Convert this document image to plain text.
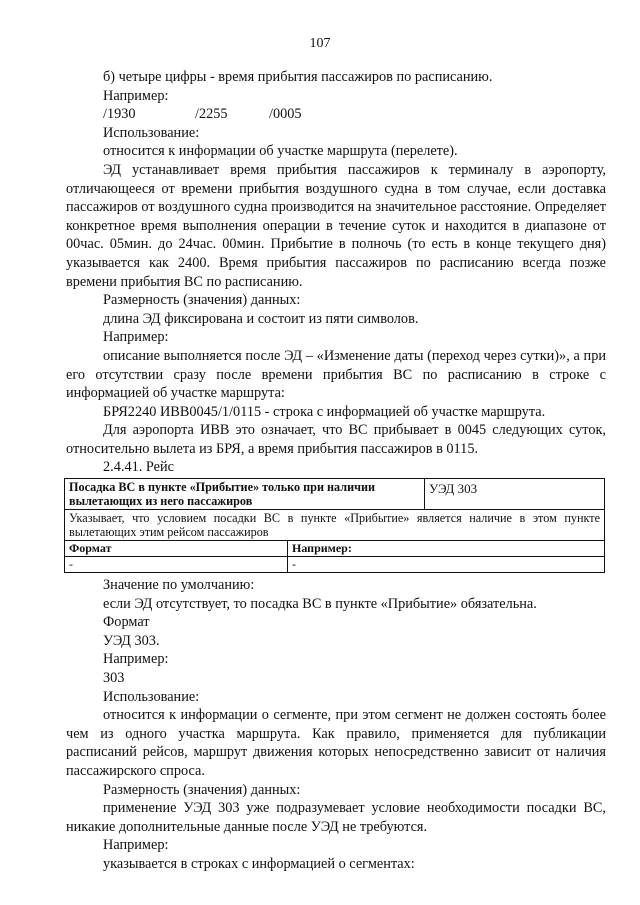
107

б) четыре цифры - время прибытия пассажиров по расписанию.

Например:

/1930	/2255	/0005

Использование:

относится к информации об участке маршрута (перелете).

ЭД устанавливает время прибытия пассажиров к терминалу в аэропорту, отличающееся от времени прибытия воздушного судна в том случае, если доставка пассажиров от воздушного судна производится на значительное расстояние. Определяет конкретное время выполнения операции в течение суток и находится в диапазоне от 00час. 05мин. до 24час. 00мин. Прибытие в полночь (то есть в конце текущего дня) указывается как 2400. Время прибытия пассажиров по расписанию всегда позже времени прибытия ВС по расписанию.

Размерность (значения) данных:

длина ЭД фиксирована и состоит из пяти символов.

Например:

описание выполняется после ЭД – «Изменение даты (переход через сутки)», а при его отсутствии сразу после времени прибытия ВС по расписанию в строке с информацией об участке маршрута:

БРЯ2240 ИВВ0045/1/0115 - строка с информацией об участке маршрута.

Для аэропорта ИВВ это означает, что ВС прибывает в 0045 следующих суток, относительно вылета из БРЯ, а время прибытия пассажиров в 0115.

2.4.41. Рейс

Посадка ВС в пункте «Прибытие» только при наличии вылетающих из него пассажиров		УЭД 303
Указывает, что условием посадки ВС в пункте «Прибытие» является наличие в этом пункте вылетающих этим рейсом пассажиров		
Формат	Например:	
-	-	

Значение по умолчанию:

если ЭД отсутствует, то посадка ВС в пункте «Прибытие» обязательна.

Формат

УЭД 303.

Например:

303

Использование:

относится к информации о сегменте, при этом сегмент не должен состоять более чем из одного участка маршрута. Как правило, применяется для публикации расписаний рейсов, маршрут движения которых непосредственно зависит от наличия пассажирского спроса.

Размерность (значения) данных:

применение УЭД 303 уже подразумевает условие необходимости посадки ВС, никакие дополнительные данные после УЭД не требуются.

Например:

указывается в строках с информацией о сегментах:
